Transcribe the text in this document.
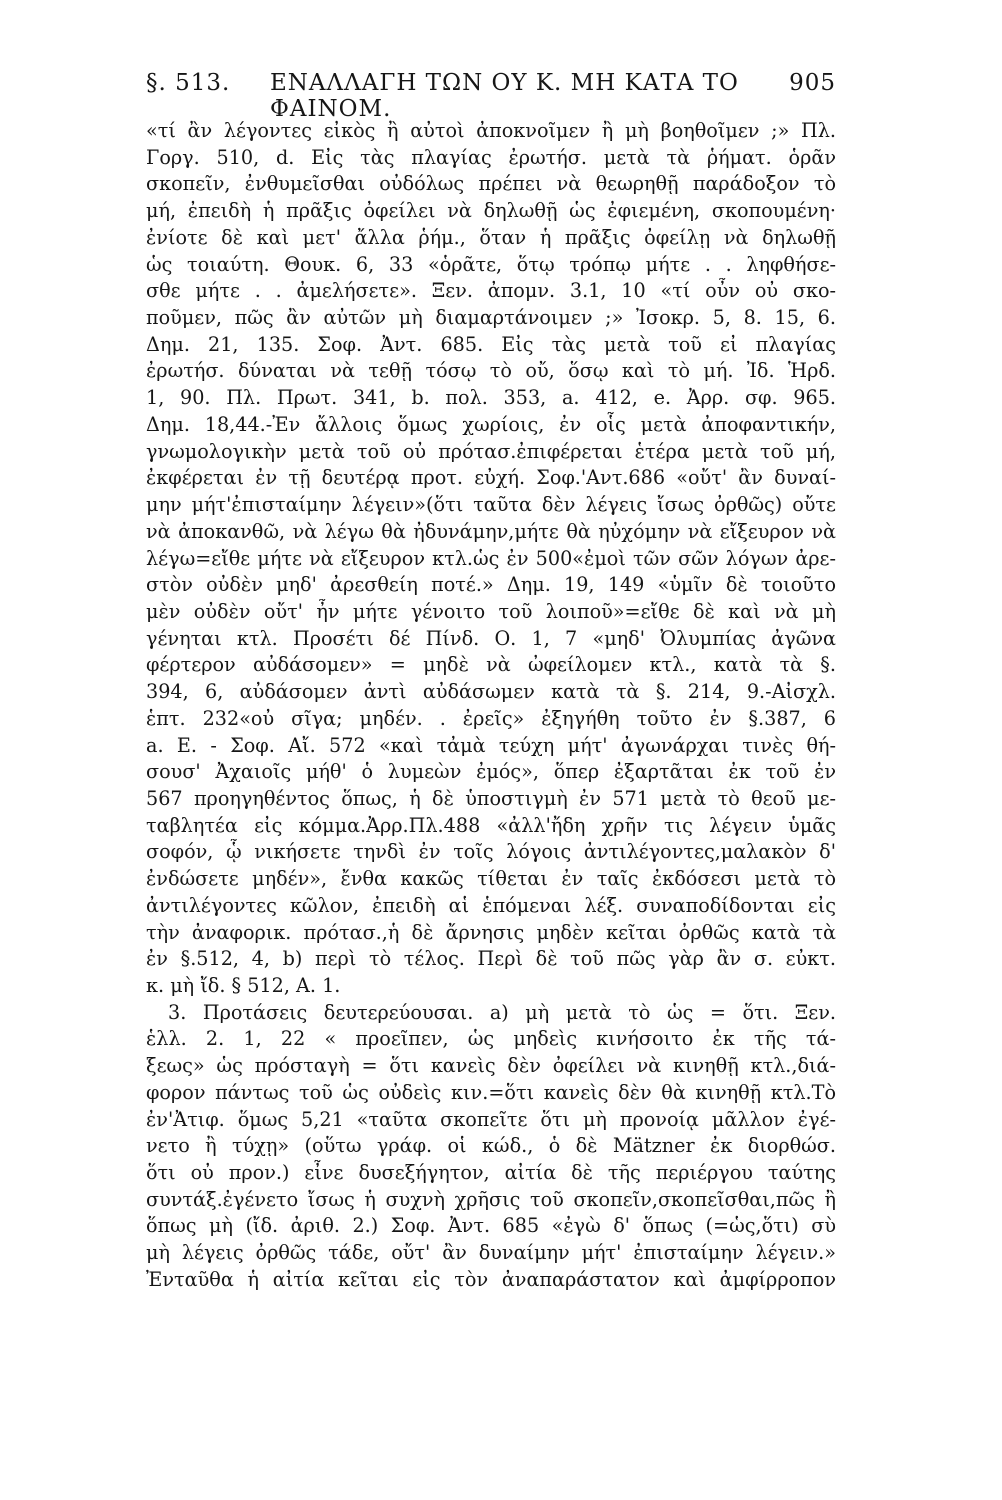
§. 513. ΕΝΑΛΛΑΓΗ ΤΩΝ ΟΥ Κ. ΜΗ ΚΑΤΑ ΤΟ ΦΑΙΝΟΜ.
905
«τί ἂν λέγοντες εἰκὸς ἢ αὐτοὶ ἀποκνοῖμεν ἢ μὴ βοηθοῖμεν ;» Πλ.
Γοργ. 510, d. Εἰς τὰς πλαγίας ἐρωτήσ. μετὰ τὰ ῥήματ. ὁρᾶν
σκοπεῖν, ἐνθυμεῖσθαι οὐδόλως πρέπει νὰ θεωρηθῇ παράδοξον τὸ
μή, ἐπειδὴ ἡ πρᾶξις ὀφείλει νὰ δηλωθῇ ὡς ἐφιεμένη, σκοπουμένη·
ἐνίοτε δὲ καὶ μετ' ἄλλα ῥήμ., ὅταν ἡ πρᾶξις ὀφείλῃ νὰ δηλωθῇ
ὡς τοιαύτη. Θουκ. 6, 33 «ὁρᾶτε, ὅτῳ τρόπῳ μήτε . . ληφθήσε-
σθε μήτε . . ἀμελήσετε». Ξεν. ἀπομν. 3.1, 10 «τί οὖν οὐ σκο-
ποῦμεν, πῶς ἂν αὐτῶν μὴ διαμαρτάνοιμεν ;» Ἰσοκρ. 5, 8. 15, 6.
Δημ. 21, 135. Σοφ. Ἀντ. 685. Εἰς τὰς μετὰ τοῦ εἰ πλαγίας
ἐρωτήσ. δύναται νὰ τεθῇ τόσῳ τὸ οὔ, ὅσῳ καὶ τὸ μή. Ἰδ. Ἡρδ.
1, 90. Πλ. Πρωτ. 341, b. πολ. 353, a. 412, e. Ἀρρ. σφ. 965.
Δημ. 18,44.-Ἐν ἄλλοις ὅμως χωρίοις, ἐν οἷς μετὰ ἀποφαντικήν,
γνωμολογικὴν μετὰ τοῦ οὐ πρότασ.ἐπιφέρεται ἑτέρα μετὰ τοῦ μή,
ἐκφέρεται ἐν τῇ δευτέρᾳ προτ. εὐχή. Σοφ.'Αντ.686 «οὔτ' ἂν δυναί-
μην μήτ'ἐπισταίμην λέγειν»(ὅτι ταῦτα δὲν λέγεις ἴσως ὀρθῶς) οὔτε
νὰ ἀποκανθῶ, νὰ λέγω θὰ ἠδυνάμην,μήτε θὰ ηὐχόμην νὰ εἴξευρον νὰ
λέγω=εἴθε μήτε νὰ εἴξευρον κτλ.ὡς ἐν 500«ἐμοὶ τῶν σῶν λόγων ἀρε-
στὸν οὐδὲν μηδ' ἀρεσθείη ποτέ.» Δημ. 19, 149 «ὑμῖν δὲ τοιοῦτο
μὲν οὐδὲν οὔτ' ἦν μήτε γένοιτο τοῦ λοιποῦ»=εἴθε δὲ καὶ νὰ μὴ
γένηται κτλ. Προσέτι δέ Πίνδ. Ο. 1, 7 «μηδ' Ὀλυμπίας ἀγῶνα
φέρτερον αὐδάσομεν» = μηδὲ νὰ ὠφείλομεν κτλ., κατὰ τὰ §.
394, 6, αὐδάσομεν ἀντὶ αὐδάσωμεν κατὰ τὰ §. 214, 9.-Αἰσχλ.
ἑπτ. 232«οὐ σῖγα; μηδέν. . ἐρεῖς» ἐξηγήθη τοῦτο ἐν §.387, 6
a. E. - Σοφ. Αἴ. 572 «καὶ τἀμὰ τεύχη μήτ' ἀγωνάρχαι τινὲς θή-
σουσ' Ἀχαιοῖς μήθ' ὁ λυμεὼν ἐμός», ὅπερ ἐξαρτᾶται ἐκ τοῦ ἐν
567 προηγηθέντος ὅπως, ἡ δὲ ὑποστιγμὴ ἐν 571 μετὰ τὸ θεοῦ με-
ταβλητέα εἰς κόμμα.Ἀρρ.Πλ.488 «ἀλλ'ἤδη χρῆν τις λέγειν ὑμᾶς
σοφόν, ᾧ νικήσετε τηνδὶ ἐν τοῖς λόγοις ἀντιλέγοντες,μαλακὸν δ'
ἐνδώσετε μηδέν», ἔνθα κακῶς τίθεται ἐν ταῖς ἐκδόσεσι μετὰ τὸ
ἀντιλέγοντες κῶλον, ἐπειδὴ αἱ ἑπόμεναι λέξ. συναποδίδονται εἰς
τὴν ἀναφορικ. πρότασ.,ἡ δὲ ἄρνησις μηδὲν κεῖται ὀρθῶς κατὰ τὰ
ἐν §.512, 4, b) περὶ τὸ τέλος. Περὶ δὲ τοῦ πῶς γὰρ ἂν σ. εὐκτ.
κ. μὴ ἴδ. § 512, A. 1.
3. Προτάσεις δευτερεύουσαι. a) μὴ μετὰ τὸ ὡς = ὅτι. Ξεν.
ἑλλ. 2. 1, 22 « προεῖπεν, ὡς μηδεὶς κινήσοιτο ἐκ τῆς τά-
ξεως» ὡς πρόσταγὴ = ὅτι κανεὶς δὲν ὀφείλει νὰ κινηθῇ κτλ.,διά-
φορον πάντως τοῦ ὡς οὐδεὶς κιν.=ὅτι κανεὶς δὲν θὰ κινηθῇ κτλ.Τὸ
ἐν'Ἀτιφ. ὅμως 5,21 «ταῦτα σκοπεῖτε ὅτι μὴ προνοίᾳ μᾶλλον ἐγέ-
νετο ἢ τύχῃ» (οὕτω γράφ. οἱ κώδ., ὁ δὲ Mätzner ἐκ διορθώσ.
ὅτι οὐ πρoν.) εἶνε δυσεξήγητον, αἰτία δὲ τῆς περιέργου ταύτης
συντάξ.ἐγένετο ἴσως ἡ συχνὴ χρῆσις τοῦ σκοπεῖν,σκοπεῖσθαι,πῶς ἢ
ὅπως μὴ (ἴδ. ἀριθ. 2.) Σοφ. Ἀντ. 685 «ἐγὼ δ' ὅπως (=ὡς,ὅτι) σὺ
μὴ λέγεις ὀρθῶς τάδε, οὔτ' ἂν δυναίμην μήτ' ἐπισταίμην λέγειν.»
Ἐνταῦθα ἡ αἰτία κεῖται εἰς τὸν ἀναπαράστατον καὶ ἀμφίρροπον
